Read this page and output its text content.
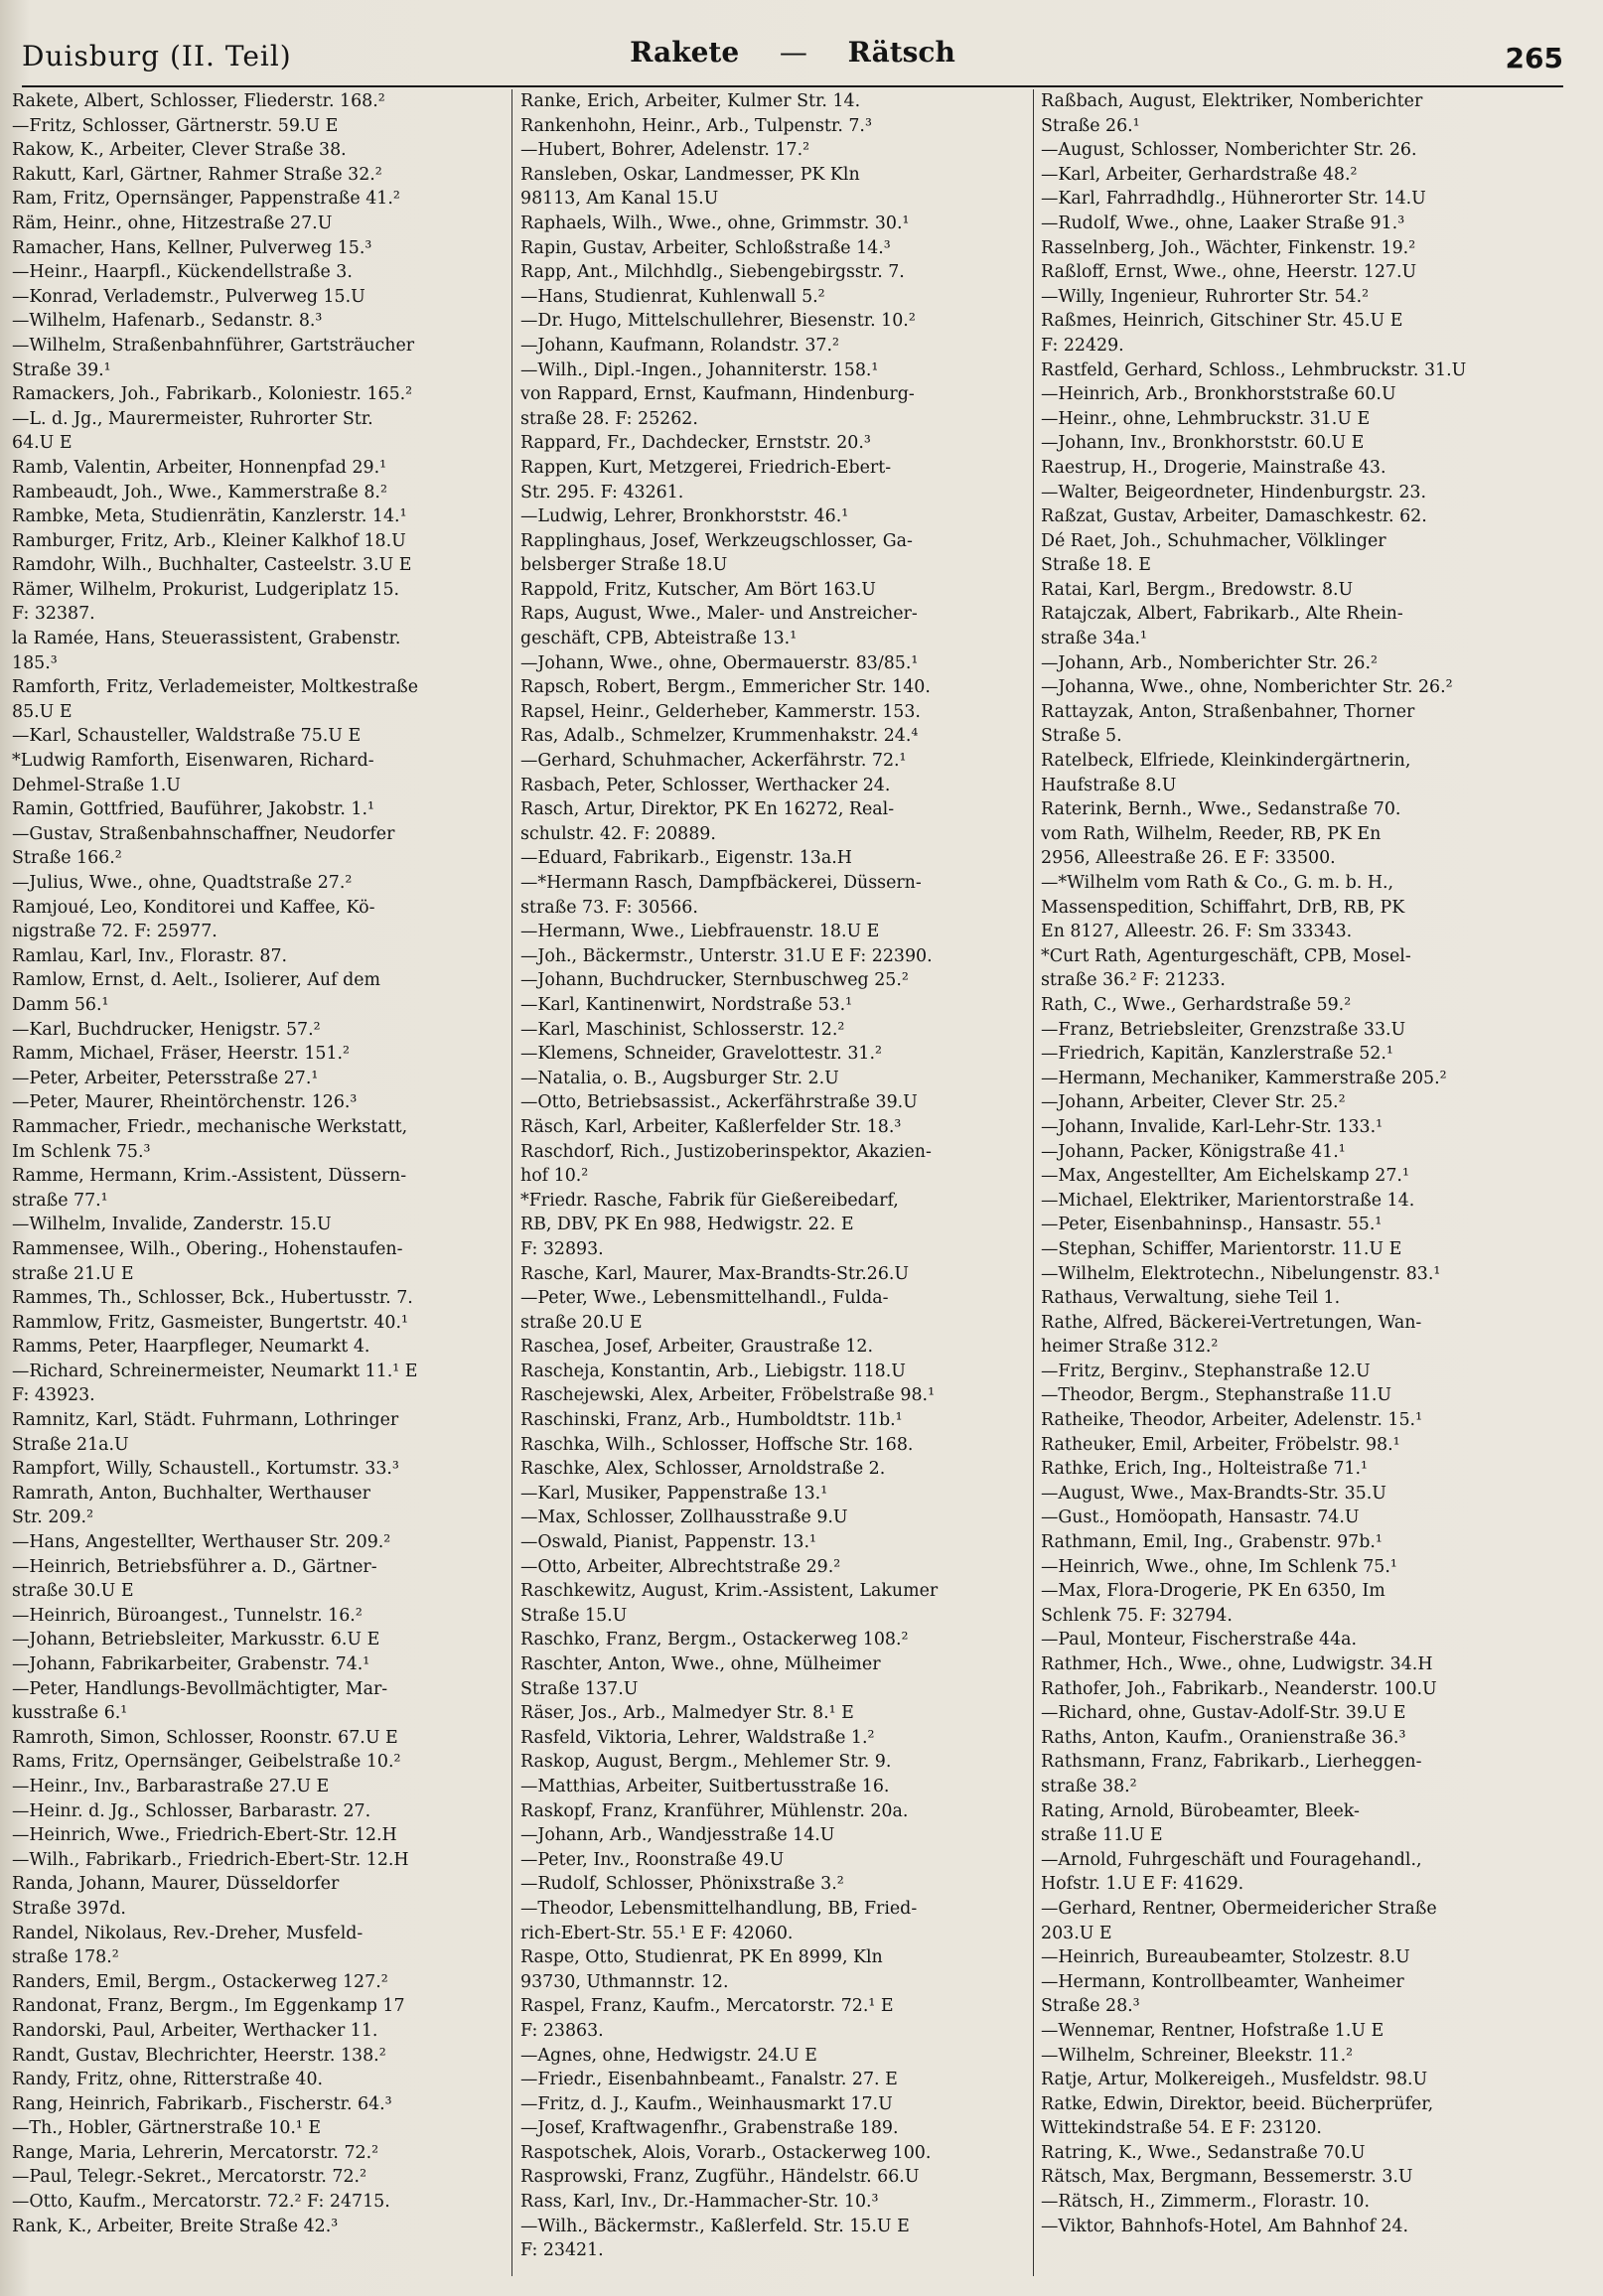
Duisburg (II. Teil)	Rakete — Rätsch	265
Rakete, Albert, Schlosser, Fliederstr. 168.²
—Fritz, Schlosser, Gärtnerstr. 59.U E
Rakow, K., Arbeiter, Clever Straße 38.
Rakutt, Karl, Gärtner, Rahmer Straße 32.²
Ram, Fritz, Opernsänger, Pappenstraße 41.²
Räm, Heinr., ohne, Hitzestraße 27.U
Ramacher, Hans, Kellner, Pulverweg 15.³
—Heinr., Haarpfl., Kückendellstraße 3.
—Konrad, Verlademstr., Pulverweg 15.U
—Wilhelm, Hafenarb., Sedanstr. 8.³
—Wilhelm, Straßenbahnführer, Gartsträucher
Straße 39.¹
Ramackers, Joh., Fabrikarb., Koloniestr. 165.²
—L. d. Jg., Maurermeister, Ruhrorter Str.
64.U E
Ramb, Valentin, Arbeiter, Honnenpfad 29.¹
Rambeaudt, Joh., Wwe., Kammerstraße 8.²
Rambke, Meta, Studienrätin, Kanzlerstr. 14.¹
Ramburger, Fritz, Arb., Kleiner Kalkhof 18.U
Ramdohr, Wilh., Buchhalter, Casteelstr. 3.U E
Rämer, Wilhelm, Prokurist, Ludgeriplatz 15.
F: 32387.
la Ramée, Hans, Steuerassistent, Grabenstr.
185.³
Ramforth, Fritz, Verlademeister, Moltkestraße
85.U E
—Karl, Schausteller, Waldstraße 75.U E
*Ludwig Ramforth, Eisenwaren, Richard-
Dehmel-Straße 1.U
Ramin, Gottfried, Bauführer, Jakobstr. 1.¹
—Gustav, Straßenbahnschaffner, Neudorfer
Straße 166.²
—Julius, Wwe., ohne, Quadtstraße 27.²
Ramjoué, Leo, Konditorei und Kaffee, Kö-
nigstraße 72. F: 25977.
Ramlau, Karl, Inv., Florastr. 87.
Ramlow, Ernst, d. Aelt., Isolierer, Auf dem
Damm 56.¹
—Karl, Buchdrucker, Henigstr. 57.²
Ramm, Michael, Fräser, Heerstr. 151.²
—Peter, Arbeiter, Petersstraße 27.¹
—Peter, Maurer, Rheintörchenstr. 126.³
Rammacher, Friedr., mechanische Werkstatt,
Im Schlenk 75.³
Ramme, Hermann, Krim.-Assistent, Düssern-
straße 77.¹
—Wilhelm, Invalide, Zanderstr. 15.U
Rammensee, Wilh., Obering., Hohenstaufen-
straße 21.U E
Rammes, Th., Schlosser, Bck., Hubertusstr. 7.
Rammlow, Fritz, Gasmeister, Bungertstr. 40.¹
Ramms, Peter, Haarpfleger, Neumarkt 4.
—Richard, Schreinermeister, Neumarkt 11.¹ E
F: 43923.
Ramnitz, Karl, Städt. Fuhrmann, Lothringer
Straße 21a.U
Rampfort, Willy, Schaustell., Kortumstr. 33.³
Ramrath, Anton, Buchhalter, Werthauser
Str. 209.²
—Hans, Angestellter, Werthauser Str. 209.²
—Heinrich, Betriebsführer a. D., Gärtner-
straße 30.U E
—Heinrich, Büroangest., Tunnelstr. 16.²
—Johann, Betriebsleiter, Markusstr. 6.U E
—Johann, Fabrikarbeiter, Grabenstr. 74.¹
—Peter, Handlungs-Bevollmächtigter, Mar-
kusstraße 6.¹
Ramroth, Simon, Schlosser, Roonstr. 67.U E
Rams, Fritz, Opernsänger, Geibelstraße 10.²
—Heinr., Inv., Barbarastraße 27.U E
—Heinr. d. Jg., Schlosser, Barbarastr. 27.
—Heinrich, Wwe., Friedrich-Ebert-Str. 12.H
—Wilh., Fabrikarb., Friedrich-Ebert-Str. 12.H
Randa, Johann, Maurer, Düsseldorfer
Straße 397d.
Randel, Nikolaus, Rev.-Dreher, Musfeld-
straße 178.²
Randers, Emil, Bergm., Ostackerweg 127.²
Randonat, Franz, Bergm., Im Eggenkamp 17
Randorski, Paul, Arbeiter, Werthacker 11.
Randt, Gustav, Blechrichter, Heerstr. 138.²
Randy, Fritz, ohne, Ritterstraße 40.
Rang, Heinrich, Fabrikarb., Fischerstr. 64.³
—Th., Hobler, Gärtnerstraße 10.¹ E
Range, Maria, Lehrerin, Mercatorstr. 72.²
—Paul, Telegr.-Sekret., Mercatorstr. 72.²
—Otto, Kaufm., Mercatorstr. 72.² F: 24715.
Rank, K., Arbeiter, Breite Straße 42.³
Ranke, Erich, Arbeiter, Kulmer Str. 14.
Rankenhohn, Heinr., Arb., Tulpenstr. 7.³
—Hubert, Bohrer, Adelenstr. 17.²
Ransleben, Oskar, Landmesser, PK Kln
98113, Am Kanal 15.U
Raphaels, Wilh., Wwe., ohne, Grimmstr. 30.¹
Rapin, Gustav, Arbeiter, Schloßstraße 14.³
Rapp, Ant., Milchhdlg., Siebengebirgsstr. 7.
—Hans, Studienrat, Kuhlenwall 5.²
—Dr. Hugo, Mittelschullehrer, Biesenstr. 10.²
—Johann, Kaufmann, Rolandstr. 37.²
—Wilh., Dipl.-Ingen., Johanniterstr. 158.¹
von Rappard, Ernst, Kaufmann, Hindenburg-
straße 28. F: 25262.
Rappard, Fr., Dachdecker, Ernststr. 20.³
Rappen, Kurt, Metzgerei, Friedrich-Ebert-
Str. 295. F: 43261.
—Ludwig, Lehrer, Bronkhorststr. 46.¹
Rapplinghaus, Josef, Werkzeugschlosser, Ga-
belsberger Straße 18.U
Rappold, Fritz, Kutscher, Am Bört 163.U
Raps, August, Wwe., Maler- und Anstreicher-
geschäft, CPB, Abteistraße 13.¹
—Johann, Wwe., ohne, Obermauerstr. 83/85.¹
Rapsch, Robert, Bergm., Emmericher Str. 140.
Rapsel, Heinr., Gelderheber, Kammerstr. 153.
Ras, Adalb., Schmelzer, Krummenhakstr. 24.⁴
—Gerhard, Schuhmacher, Ackerfährstr. 72.¹
Rasbach, Peter, Schlosser, Werthacker 24.
Rasch, Artur, Direktor, PK En 16272, Real-
schulstr. 42. F: 20889.
—Eduard, Fabrikarb., Eigenstr. 13a.H
—*Hermann Rasch, Dampfbäckerei, Düssern-
straße 73. F: 30566.
—Hermann, Wwe., Liebfrauenstr. 18.U E
—Joh., Bäckermstr., Unterstr. 31.U E F: 22390.
—Johann, Buchdrucker, Sternbuschweg 25.²
—Karl, Kantinenwirt, Nordstraße 53.¹
—Karl, Maschinist, Schlosserstr. 12.²
—Klemens, Schneider, Gravelottestr. 31.²
—Natalia, o. B., Augsburger Str. 2.U
—Otto, Betriebsassist., Ackerfährstraße 39.U
Räsch, Karl, Arbeiter, Kaßlerfelder Str. 18.³
Raschdorf, Rich., Justizoberinspektor, Akazien-
hof 10.²
*Friedr. Rasche, Fabrik für Gießereibedarf,
RB, DBV, PK En 988, Hedwigstr. 22. E
F: 32893.
Rasche, Karl, Maurer, Max-Brandts-Str.26.U
—Peter, Wwe., Lebensmittelhandl., Fulda-
straße 20.U E
Raschea, Josef, Arbeiter, Graustraße 12.
Rascheja, Konstantin, Arb., Liebigstr. 118.U
Raschejewski, Alex, Arbeiter, Fröbelstraße 98.¹
Raschinski, Franz, Arb., Humboldtstr. 11b.¹
Raschka, Wilh., Schlosser, Hoffsche Str. 168.
Raschke, Alex, Schlosser, Arnoldstraße 2.
—Karl, Musiker, Pappenstraße 13.¹
—Max, Schlosser, Zollhausstraße 9.U
—Oswald, Pianist, Pappenstr. 13.¹
—Otto, Arbeiter, Albrechtstraße 29.²
Raschkewitz, August, Krim.-Assistent, Lakumer
Straße 15.U
Raschko, Franz, Bergm., Ostackerweg 108.²
Raschter, Anton, Wwe., ohne, Mülheimer
Straße 137.U
Räser, Jos., Arb., Malmedyer Str. 8.¹ E
Rasfeld, Viktoria, Lehrer, Waldstraße 1.²
Raskop, August, Bergm., Mehlemer Str. 9.
—Matthias, Arbeiter, Suitbertusstraße 16.
Raskopf, Franz, Kranführer, Mühlenstr. 20a.
—Johann, Arb., Wandjesstraße 14.U
—Peter, Inv., Roonstraße 49.U
—Rudolf, Schlosser, Phönixstraße 3.²
—Theodor, Lebensmittelhandlung, BB, Fried-
rich-Ebert-Str. 55.¹ E F: 42060.
Raspe, Otto, Studienrat, PK En 8999, Kln
93730, Uthmannstr. 12.
Raspel, Franz, Kaufm., Mercatorstr. 72.¹ E
F: 23863.
—Agnes, ohne, Hedwigstr. 24.U E
—Friedr., Eisenbahnbeamt., Fanalstr. 27. E
—Fritz, d. J., Kaufm., Weinhausmarkt 17.U
—Josef, Kraftwagenfhr., Grabenstraße 189.
Raspotschek, Alois, Vorarb., Ostackerweg 100.
Rasprowski, Franz, Zugführ., Händelstr. 66.U
Rass, Karl, Inv., Dr.-Hammacher-Str. 10.³
—Wilh., Bäckermstr., Kaßlerfeld. Str. 15.U E
F: 23421.
Raßbach, August, Elektriker, Nomberichter
Straße 26.¹
—August, Schlosser, Nomberichter Str. 26.
—Karl, Arbeiter, Gerhardstraße 48.²
—Karl, Fahrradhdlg., Hühnerorter Str. 14.U
—Rudolf, Wwe., ohne, Laaker Straße 91.³
Rasselnberg, Joh., Wächter, Finkenstr. 19.²
Raßloff, Ernst, Wwe., ohne, Heerstr. 127.U
—Willy, Ingenieur, Ruhrorter Str. 54.²
Raßmes, Heinrich, Gitschiner Str. 45.U E
F: 22429.
Rastfeld, Gerhard, Schloss., Lehmbruckstr. 31.U
—Heinrich, Arb., Bronkhorststraße 60.U
—Heinr., ohne, Lehmbruckstr. 31.U E
—Johann, Inv., Bronkhorststr. 60.U E
Raestrup, H., Drogerie, Mainstraße 43.
—Walter, Beigeordneter, Hindenburgstr. 23.
Raßzat, Gustav, Arbeiter, Damaschkestr. 62.
Dé Raet, Joh., Schuhmacher, Völklinger
Straße 18. E
Ratai, Karl, Bergm., Bredowstr. 8.U
Ratajczak, Albert, Fabrikarb., Alte Rhein-
straße 34a.¹
—Johann, Arb., Nomberichter Str. 26.²
—Johanna, Wwe., ohne, Nomberichter Str. 26.²
Rattayzak, Anton, Straßenbahner, Thorner
Straße 5.
Ratelbeck, Elfriede, Kleinkindergärtnerin,
Haufstraße 8.U
Raterink, Bernh., Wwe., Sedanstraße 70.
vom Rath, Wilhelm, Reeder, RB, PK En
2956, Alleestraße 26. E F: 33500.
—*Wilhelm vom Rath & Co., G. m. b. H.,
Massenspedition, Schiffahrt, DrB, RB, PK
En 8127, Alleestr. 26. F: Sm 33343.
*Curt Rath, Agenturgeschäft, CPB, Mosel-
straße 36.² F: 21233.
Rath, C., Wwe., Gerhardstraße 59.²
—Franz, Betriebsleiter, Grenzstraße 33.U
—Friedrich, Kapitän, Kanzlerstraße 52.¹
—Hermann, Mechaniker, Kammerstraße 205.²
—Johann, Arbeiter, Clever Str. 25.²
—Johann, Invalide, Karl-Lehr-Str. 133.¹
—Johann, Packer, Königstraße 41.¹
—Max, Angestellter, Am Eichelskamp 27.¹
—Michael, Elektriker, Marientorstraße 14.
—Peter, Eisenbahninsp., Hansastr. 55.¹
—Stephan, Schiffer, Marientorstr. 11.U E
—Wilhelm, Elektrotechn., Nibelungenstr. 83.¹
Rathaus, Verwaltung, siehe Teil 1.
Rathe, Alfred, Bäckerei-Vertretungen, Wan-
heimer Straße 312.²
—Fritz, Berginv., Stephanstraße 12.U
—Theodor, Bergm., Stephanstraße 11.U
Ratheike, Theodor, Arbeiter, Adelenstr. 15.¹
Ratheuker, Emil, Arbeiter, Fröbelstr. 98.¹
Rathke, Erich, Ing., Holteistraße 71.¹
—August, Wwe., Max-Brandts-Str. 35.U
—Gust., Homöopath, Hansastr. 74.U
Rathmann, Emil, Ing., Grabenstr. 97b.¹
—Heinrich, Wwe., ohne, Im Schlenk 75.¹
—Max, Flora-Drogerie, PK En 6350, Im
Schlenk 75. F: 32794.
—Paul, Monteur, Fischerstraße 44a.
Rathmer, Hch., Wwe., ohne, Ludwigstr. 34.H
Rathofer, Joh., Fabrikarb., Neanderstr. 100.U
—Richard, ohne, Gustav-Adolf-Str. 39.U E
Raths, Anton, Kaufm., Oranienstraße 36.³
Rathsmann, Franz, Fabrikarb., Lierheggen-
straße 38.²
Rating, Arnold, Bürobeamter, Bleek-
straße 11.U E
—Arnold, Fuhrgeschäft und Fouragehandl.,
Hofstr. 1.U E F: 41629.
—Gerhard, Rentner, Obermeidericher Straße
203.U E
—Heinrich, Bureaubeamter, Stolzestr. 8.U
—Hermann, Kontrollbeamter, Wanheimer
Straße 28.³
—Wennemar, Rentner, Hofstraße 1.U E
—Wilhelm, Schreiner, Bleekstr. 11.²
Ratje, Artur, Molkereigeh., Musfeldstr. 98.U
Ratke, Edwin, Direktor, beeid. Bücherprüfer,
Wittekindstraße 54. E F: 23120.
Ratring, K., Wwe., Sedanstraße 70.U
Rätsch, Max, Bergmann, Bessemerstr. 3.U
—Rätsch, H., Zimmerm., Florastr. 10.
—Viktor, Bahnhofs-Hotel, Am Bahnhof 24.
